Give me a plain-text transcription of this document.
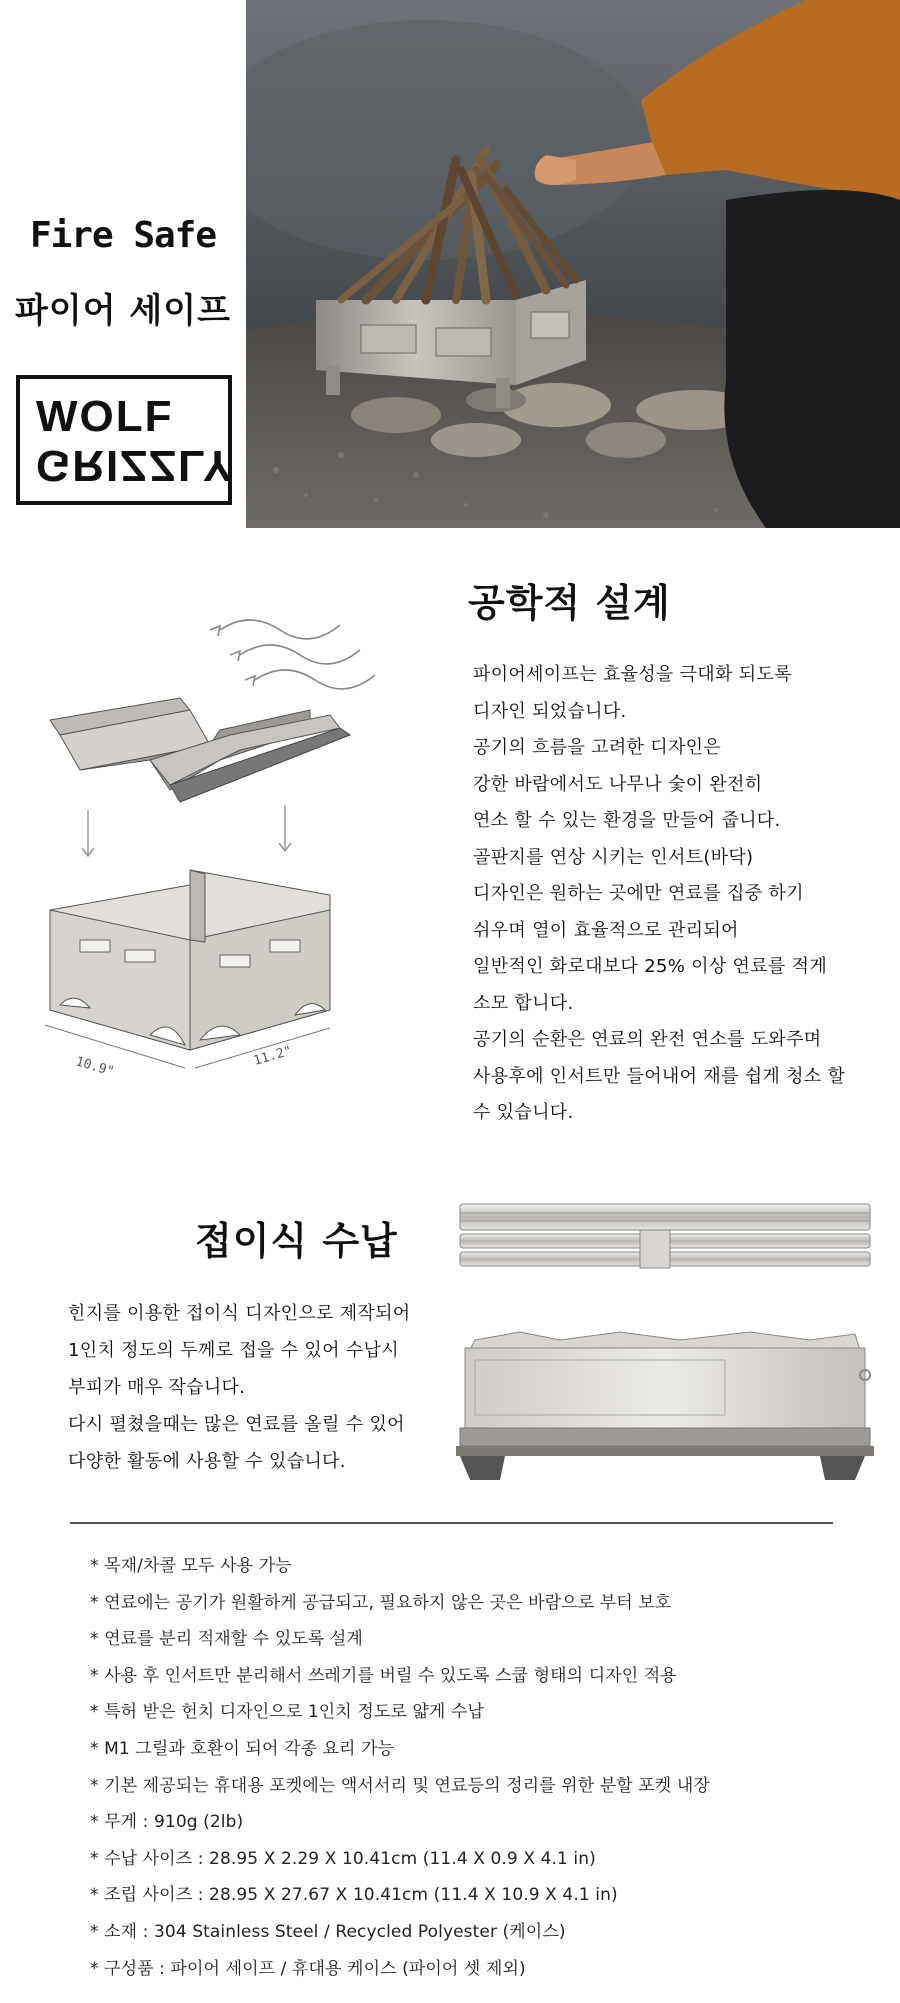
Fire Safe
파이어 세이프
WOLF
GRIZZLY
공학적 설계

파이어세이프는 효율성을 극대화 되도록

디자인 되었습니다.

공기의 흐름을 고려한 디자인은

강한 바람에서도 나무나 숯이 완전히

연소 할 수 있는 환경을 만들어 줍니다.

골판지를 연상 시키는 인서트(바닥)

디자인은 원하는 곳에만 연료를 집중 하기

쉬우며 열이 효율적으로 관리되어

일반적인 화로대보다 25% 이상 연료를 적게

소모 합니다.

공기의 순환은 연료의 완전 연소를 도와주며

사용후에 인서트만 들어내어 재를 쉽게 청소 할

수 있습니다.

10.9"	11.2"
접이식 수납

힌지를 이용한 접이식 디자인으로 제작되어

1인치 정도의 두께로 접을 수 있어 수납시

부피가 매우 작습니다.

다시 펼쳤을때는 많은 연료를 올릴 수 있어

다양한 활동에 사용할 수 있습니다.

* 목재/차콜 모두 사용 가능
* 연료에는 공기가 원활하게 공급되고, 필요하지 않은 곳은 바람으로 부터 보호
* 연료를 분리 적재할 수 있도록 설계
* 사용 후 인서트만 분리해서 쓰레기를 버릴 수 있도록 스쿱 형태의 디자인 적용
* 특허 받은 헌치 디자인으로 1인치 정도로 얇게 수납
* M1 그릴과 호환이 되어 각종 요리 가능
* 기본 제공되는 휴대용 포켓에는 액서서리 및 연료등의 정리를 위한 분할 포켓 내장
* 무게 : 910g (2lb)
* 수납 사이즈 : 28.95 X 2.29 X 10.41cm (11.4 X 0.9 X 4.1 in)
* 조립 사이즈 : 28.95 X 27.67 X 10.41cm (11.4 X 10.9 X 4.1 in)
* 소재 : 304 Stainless Steel / Recycled Polyester (케이스)
* 구성품 : 파이어 세이프 / 휴대용 케이스 (파이어 셋 제외)
